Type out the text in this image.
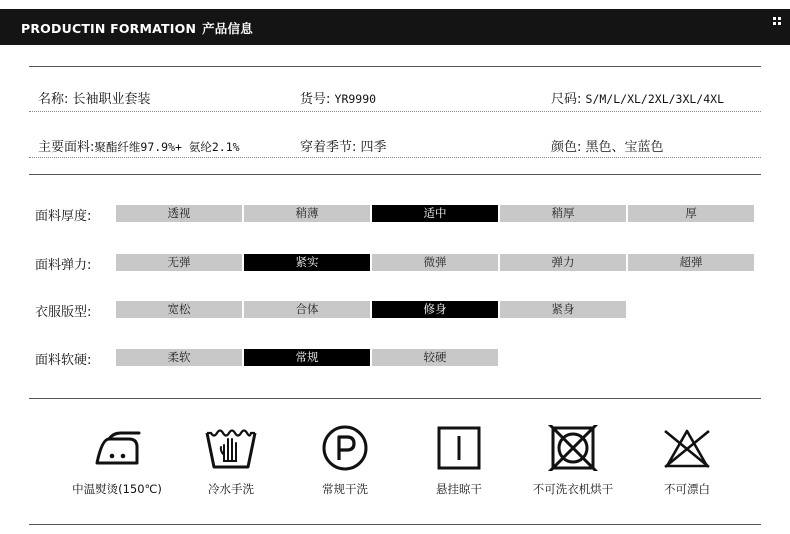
PRODUCTIN FORMATION 产品信息
名称: 长袖职业套装	货号: YR9990	尺码: S/M/L/XL/2XL/3XL/4XL
主要面料:聚酯纤维97.9%+ 氨纶2.1%	穿着季节: 四季	颜色: 黑色、宝蓝色
面料厚度:	透视	稍薄	适中	稍厚	厚
面料弹力:	无弹	紧实	微弹	弹力	超弹
衣服版型:	宽松	合体	修身	紧身
面料软硬:	柔软	常规	较硬
中温熨烫(150℃)	冷水手洗	常规干洗	悬挂晾干	不可洗衣机烘干	不可漂白
